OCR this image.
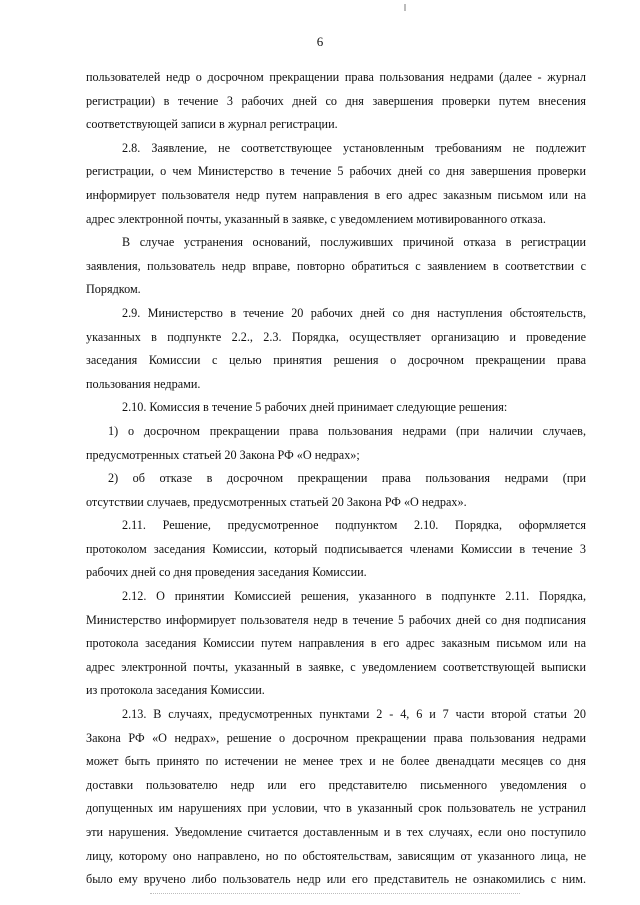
6
пользователей недр о досрочном прекращении права пользования недрами (далее - журнал
регистрации) в течение 3 рабочих дней со дня завершения проверки путем внесения
соответствующей записи в журнал регистрации.
2.8. Заявление, не соответствующее установленным требованиям не подлежит
регистрации, о чем Министерство в течение 5 рабочих дней со дня завершения проверки
информирует пользователя недр путем направления в его адрес заказным письмом или на
адрес электронной почты, указанный в заявке, с уведомлением мотивированного отказа.
В случае устранения оснований, послуживших причиной отказа в регистрации
заявления, пользователь недр вправе, повторно обратиться с заявлением в соответствии с
Порядком.
2.9. Министерство в течение 20 рабочих дней со дня наступления обстоятельств,
указанных в подпункте 2.2., 2.3. Порядка, осуществляет организацию и проведение
заседания Комиссии с целью принятия решения о досрочном прекращении права
пользования недрами.
2.10. Комиссия в течение 5 рабочих дней принимает следующие решения:
1) о досрочном прекращении права пользования недрами (при наличии случаев,
предусмотренных статьей 20 Закона РФ «О недрах»;
2) об отказе в досрочном прекращении права пользования недрами (при
отсутствии случаев, предусмотренных статьей 20 Закона РФ «О недрах».
2.11. Решение, предусмотренное подпунктом 2.10. Порядка, оформляется
протоколом заседания Комиссии, который подписывается членами Комиссии в течение 3
рабочих дней со дня проведения заседания Комиссии.
2.12. О принятии Комиссией решения, указанного в подпункте 2.11. Порядка,
Министерство информирует пользователя недр в течение 5 рабочих дней со дня подписания
протокола заседания Комиссии путем направления в его адрес заказным письмом или на
адрес электронной почты, указанный в заявке, с уведомлением соответствующей выписки
из протокола заседания Комиссии.
2.13. В случаях, предусмотренных пунктами 2 - 4, 6 и 7 части второй статьи 20
Закона РФ «О недрах», решение о досрочном прекращении права пользования недрами
может быть принято по истечении не менее трех и не более двенадцати месяцев со дня
доставки пользователю недр или его представителю письменного уведомления о
допущенных им нарушениях при условии, что в указанный срок пользователь не устранил
эти нарушения. Уведомление считается доставленным и в тех случаях, если оно поступило
лицу, которому оно направлено, но по обстоятельствам, зависящим от указанного лица, не
было ему вручено либо пользователь недр или его представитель не ознакомились с ним.
